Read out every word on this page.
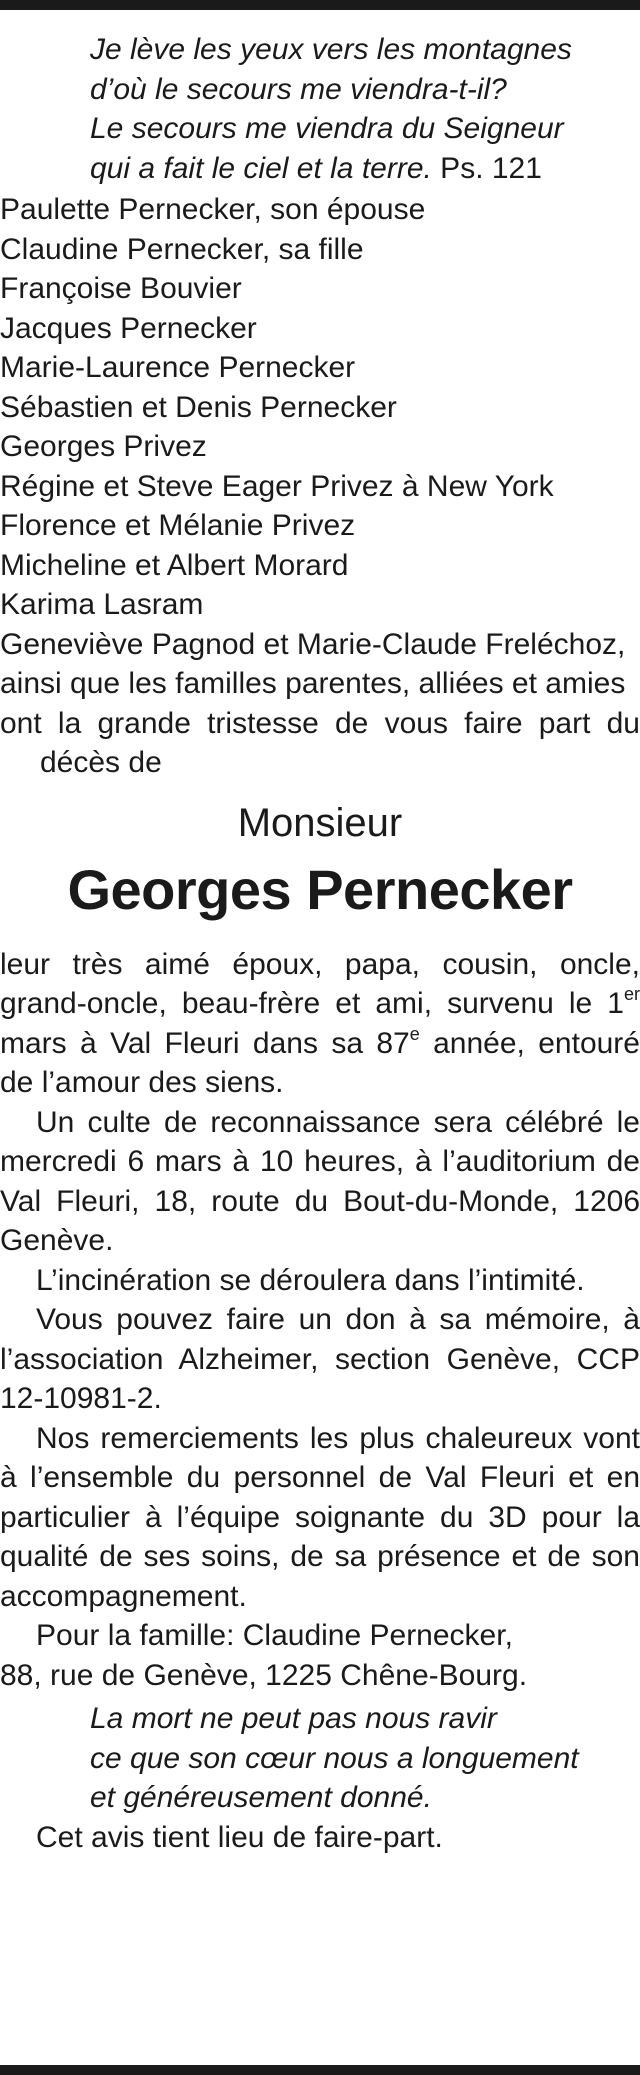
Je lève les yeux vers les montagnes
d’où le secours me viendra-t-il?
Le secours me viendra du Seigneur
qui a fait le ciel et la terre. Ps. 121
Paulette Pernecker, son épouse
Claudine Pernecker, sa fille
Françoise Bouvier
Jacques Pernecker
Marie-Laurence Pernecker
Sébastien et Denis Pernecker
Georges Privez
Régine et Steve Eager Privez à New York
Florence et Mélanie Privez
Micheline et Albert Morard
Karima Lasram
Geneviève Pagnod et Marie-Claude Freléchoz,
ainsi que les familles parentes, alliées et amies
ont la grande tristesse de vous faire part du décès de
Monsieur
Georges Pernecker
leur très aimé époux, papa, cousin, oncle, grand-oncle, beau-frère et ami, survenu le 1er mars à Val Fleuri dans sa 87e année, entouré de l’amour des siens.
Un culte de reconnaissance sera célébré le mercredi 6 mars à 10 heures, à l’auditorium de Val Fleuri, 18, route du Bout-du-Monde, 1206 Genève.
L’incinération se déroulera dans l’intimité.
Vous pouvez faire un don à sa mémoire, à l’association Alzheimer, section Genève, CCP 12-10981-2.
Nos remerciements les plus chaleureux vont à l’ensemble du personnel de Val Fleuri et en particulier à l’équipe soignante du 3D pour la qualité de ses soins, de sa présence et de son accompagnement.
Pour la famille: Claudine Pernecker,
88, rue de Genève, 1225 Chêne-Bourg.
La mort ne peut pas nous ravir
ce que son cœur nous a longuement
et généreusement donné.
Cet avis tient lieu de faire-part.
